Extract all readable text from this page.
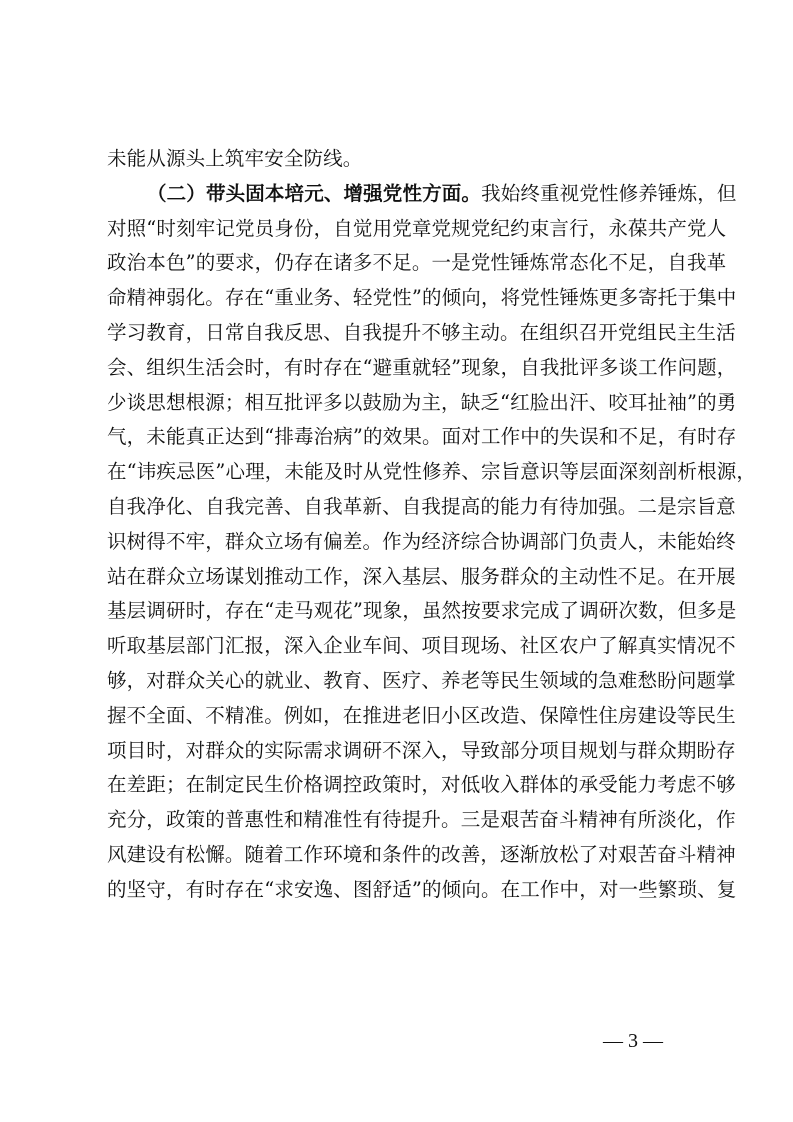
未能从源头上筑牢安全防线。
（二）带头固本培元、增强党性方面。我始终重视党性修养锤炼，但
对照“时刻牢记党员身份，自觉用党章党规党纪约束言行，永葆共产党人
政治本色”的要求，仍存在诸多不足。一是党性锤炼常态化不足，自我革
命精神弱化。存在“重业务、轻党性”的倾向，将党性锤炼更多寄托于集中
学习教育，日常自我反思、自我提升不够主动。在组织召开党组民主生活
会、组织生活会时，有时存在“避重就轻”现象，自我批评多谈工作问题，
少谈思想根源；相互批评多以鼓励为主，缺乏“红脸出汗、咬耳扯袖”的勇
气，未能真正达到“排毒治病”的效果。面对工作中的失误和不足，有时存
在“讳疾忌医”心理，未能及时从党性修养、宗旨意识等层面深刻剖析根源，
自我净化、自我完善、自我革新、自我提高的能力有待加强。二是宗旨意
识树得不牢，群众立场有偏差。作为经济综合协调部门负责人，未能始终
站在群众立场谋划推动工作，深入基层、服务群众的主动性不足。在开展
基层调研时，存在“走马观花”现象，虽然按要求完成了调研次数，但多是
听取基层部门汇报，深入企业车间、项目现场、社区农户了解真实情况不
够，对群众关心的就业、教育、医疗、养老等民生领域的急难愁盼问题掌
握不全面、不精准。例如，在推进老旧小区改造、保障性住房建设等民生
项目时，对群众的实际需求调研不深入，导致部分项目规划与群众期盼存
在差距；在制定民生价格调控政策时，对低收入群体的承受能力考虑不够
充分，政策的普惠性和精准性有待提升。三是艰苦奋斗精神有所淡化，作
风建设有松懈。随着工作环境和条件的改善，逐渐放松了对艰苦奋斗精神
的坚守，有时存在“求安逸、图舒适”的倾向。在工作中，对一些繁琐、复
— 3 —
